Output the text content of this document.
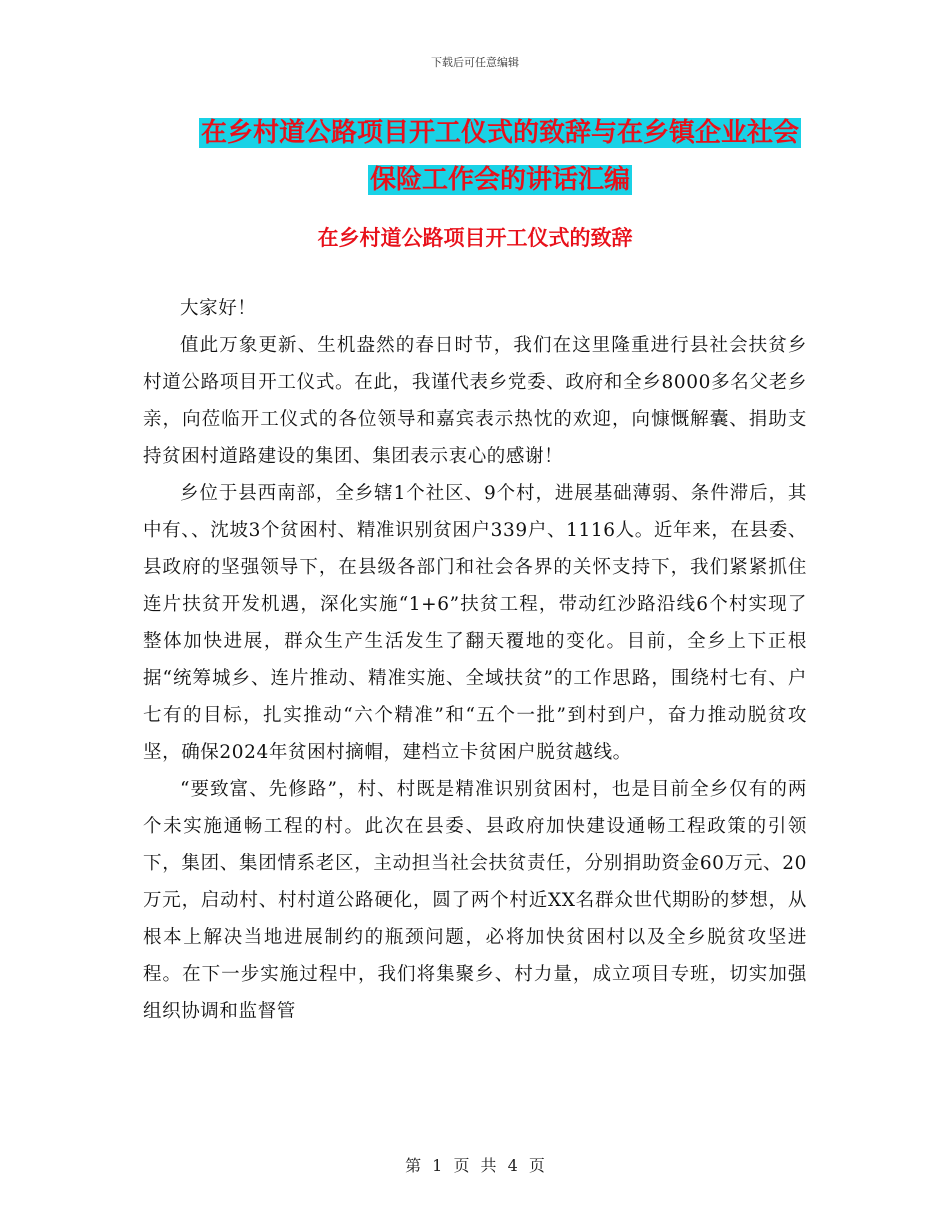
下载后可任意编辑
在乡村道公路项目开工仪式的致辞与在乡镇企业社会
保险工作会的讲话汇编
在乡村道公路项目开工仪式的致辞

大家好！

值此万象更新、生机盎然的春日时节，我们在这里隆重进行县社会扶贫乡村道公路项目开工仪式。在此，我谨代表乡党委、政府和全乡8000多名父老乡亲，向莅临开工仪式的各位领导和嘉宾表示热忱的欢迎，向慷慨解囊、捐助支持贫困村道路建设的集团、集团表示衷心的感谢！

乡位于县西南部，全乡辖1个社区、9个村，进展基础薄弱、条件滞后，其中有、、沈坡3个贫困村、精准识别贫困户339户、1116人。近年来，在县委、县政府的坚强领导下，在县级各部门和社会各界的关怀支持下，我们紧紧抓住连片扶贫开发机遇，深化实施“1+6”扶贫工程，带动红沙路沿线6个村实现了整体加快进展，群众生产生活发生了翻天覆地的变化。目前，全乡上下正根据“统筹城乡、连片推动、精准实施、全域扶贫”的工作思路，围绕村七有、户七有的目标，扎实推动“六个精准”和“五个一批”到村到户，奋力推动脱贫攻坚，确保2024年贫困村摘帽，建档立卡贫困户脱贫越线。

“要致富、先修路”，村、村既是精准识别贫困村，也是目前全乡仅有的两个未实施通畅工程的村。此次在县委、县政府加快建设通畅工程政策的引领下，集团、集团情系老区，主动担当社会扶贫责任，分别捐助资金60万元、20万元，启动村、村村道公路硬化，圆了两个村近XX名群众世代期盼的梦想，从根本上解决当地进展制约的瓶颈问题，必将加快贫困村以及全乡脱贫攻坚进程。在下一步实施过程中，我们将集聚乡、村力量，成立项目专班，切实加强组织协调和监督管

第 1 页 共 4 页
